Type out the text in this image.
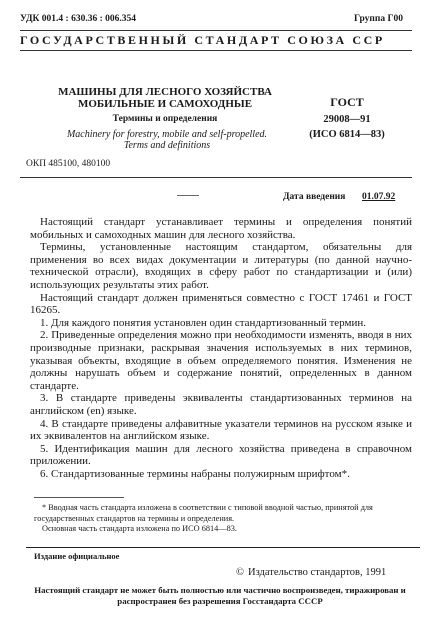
УДК 001.4 : 630.36 : 006.354	Группа Г00
ГОСУДАРСТВЕННЫЙ СТАНДАРТ СОЮЗА ССР
МАШИНЫ ДЛЯ ЛЕСНОГО ХОЗЯЙСТВА МОБИЛЬНЫЕ И САМОХОДНЫЕ
Термины и определения
Machinery for forestry, mobile and self-propelled. Terms and definitions
ГОСТ
29008—91
(ИСО 6814—83)
ОКП 485100, 480100
Дата введения 01.07.92

Настоящий стандарт устанавливает термины и определения понятий мобильных и самоходных машин для лесного хозяйства.

Термины, установленные настоящим стандартом, обязательны для применения во всех видах документации и литературы (по данной научно-технической отрасли), входящих в сферу работ по стандартизации и (или) использующих результаты этих работ.

Настоящий стандарт должен применяться совместно с ГОСТ 17461 и ГОСТ 16265.

1. Для каждого понятия установлен один стандартизованный термин.

2. Приведенные определения можно при необходимости изменять, вводя в них производные признаки, раскрывая значения используемых в них терминов, указывая объекты, входящие в объем определяемого понятия. Изменения не должны нарушать объем и содержание понятий, определенных в данном стандарте.

3. В стандарте приведены эквиваленты стандартизованных терминов на английском (en) языке.

4. В стандарте приведены алфавитные указатели терминов на русском языке и их эквивалентов на английском языке.

5. Идентификация машин для лесного хозяйства приведена в справочном приложении.

6. Стандартизованные термины набраны полужирным шрифтом*.

* Вводная часть стандарта изложена в соответствии с типовой вводной частью, принятой для государственных стандартов на термины и определения.

Основная часть стандарта изложена по ИСО 6814—83.

Издание официальное
© Издательство стандартов, 1991
Настоящий стандарт не может быть полностью или частично воспроизведен, тиражирован и распространен без разрешения Госстандарта СССР
